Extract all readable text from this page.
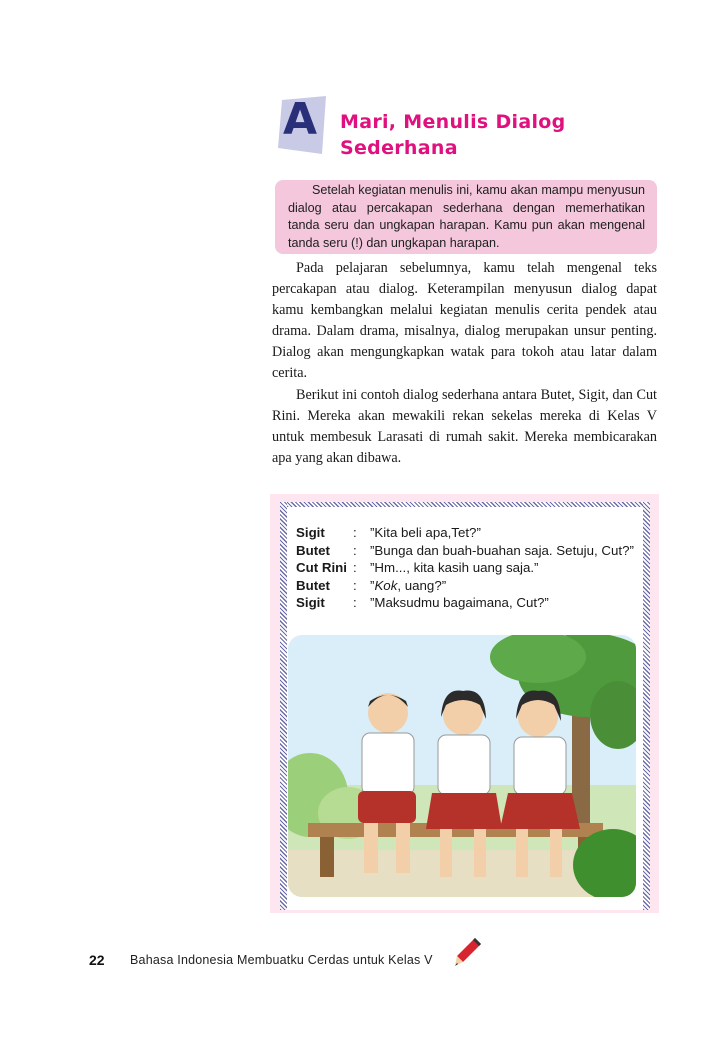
A Mari, Menulis Dialog
Sederhana
Setelah kegiatan menulis ini, kamu akan mampu menyusun dialog atau percakapan sederhana dengan memerhatikan tanda seru dan ungkapan harapan. Kamu pun akan mengenal tanda seru (!) dan ungkapan harapan.

Pada pelajaran sebelumnya, kamu telah mengenal teks percakapan atau dialog. Keterampilan menyusun dialog dapat kamu kembangkan melalui kegiatan menulis cerita pendek atau drama. Dalam drama, misalnya, dialog merupakan unsur penting. Dialog akan mengungkapkan watak para tokoh atau latar dalam cerita.

Berikut ini contoh dialog sederhana antara Butet, Sigit, dan Cut Rini. Mereka akan mewakili rekan sekelas mereka di Kelas V untuk membesuk Larasati di rumah sakit. Mereka membicarakan apa yang akan dibawa.

Sigit	: ”Kita beli apa,Tet?”
Butet	: ”Bunga dan buah-buahan saja. Setuju, Cut?”
Cut Rini : ”Hm..., kita kasih uang saja.”
Butet	: ”Kok, uang?”
Sigit	: ”Maksudmu bagaimana, Cut?”
22 Bahasa Indonesia Membuatku Cerdas untuk Kelas V
